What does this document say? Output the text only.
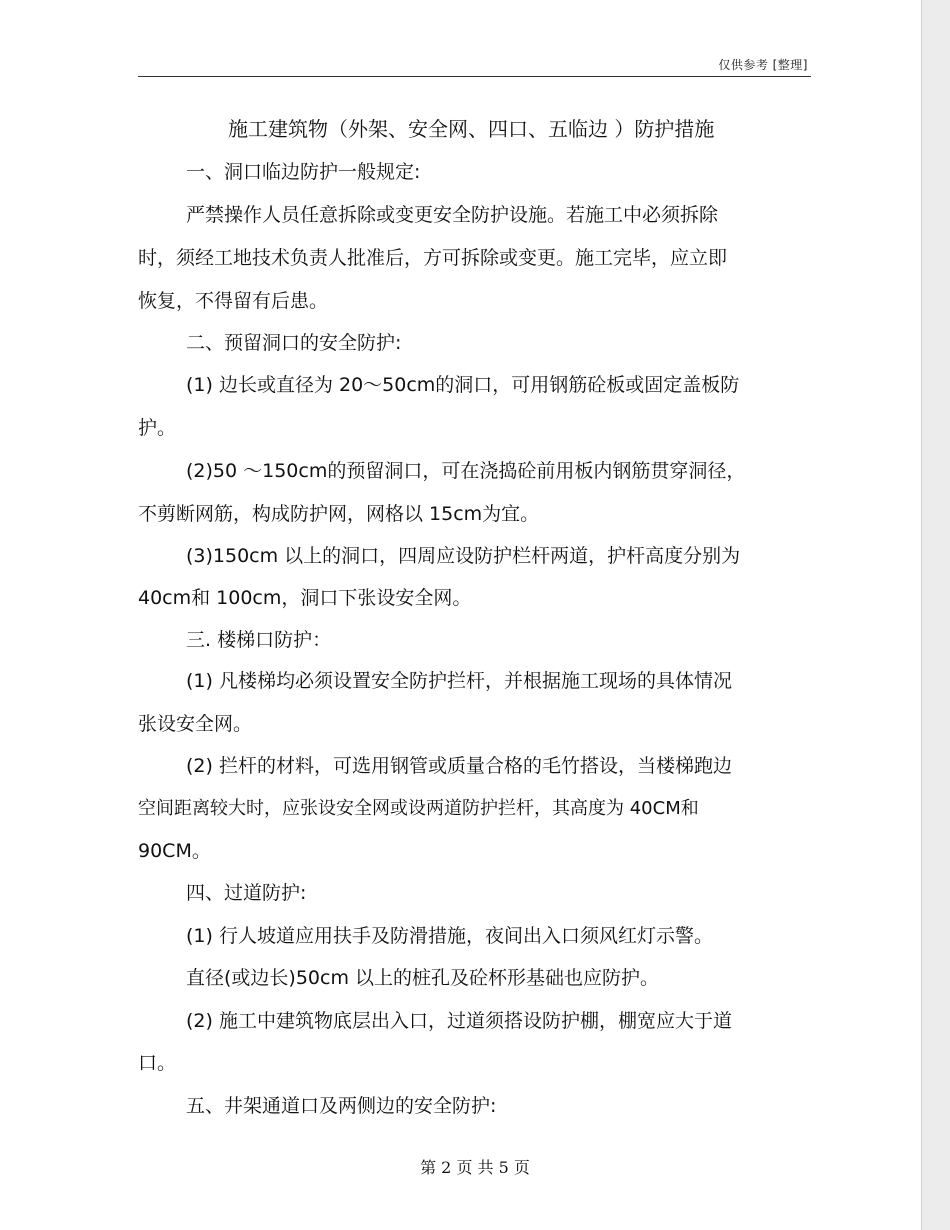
仅供参考 [整理]
施工建筑物（外架、安全网、四口、五临边 ）防护措施
一、洞口临边防护一般规定:
严禁操作人员任意拆除或变更安全防护设施。若施工中必须拆除
时，须经工地技术负责人批准后，方可拆除或变更。施工完毕，应立即
恢复，不得留有后患。
二、预留洞口的安全防护:
(1) 边长或直径为 20～50cm的洞口，可用钢筋砼板或固定盖板防
护。
(2)50 ～150cm的预留洞口，可在浇捣砼前用板内钢筋贯穿洞径，
不剪断网筋，构成防护网，网格以 15cm为宜。
(3)150cm 以上的洞口，四周应设防护栏杆两道，护杆高度分别为
40cm和 100cm，洞口下张设安全网。
三. 楼梯口防护：
(1) 凡楼梯均必须设置安全防护拦杆，并根据施工现场的具体情况
张设安全网。
(2) 拦杆的材料，可选用钢管或质量合格的毛竹搭设，当楼梯跑边
空间距离较大时，应张设安全网或设两道防护拦杆，其高度为 40CM和
90CM。
四、过道防护:
(1) 行人坡道应用扶手及防滑措施，夜间出入口须风红灯示警。
直径(或边长)50cm 以上的桩孔及砼杯形基础也应防护。
(2) 施工中建筑物底层出入口，过道须搭设防护棚，棚宽应大于道
口。
五、井架通道口及两侧边的安全防护:
第 2 页 共 5 页
